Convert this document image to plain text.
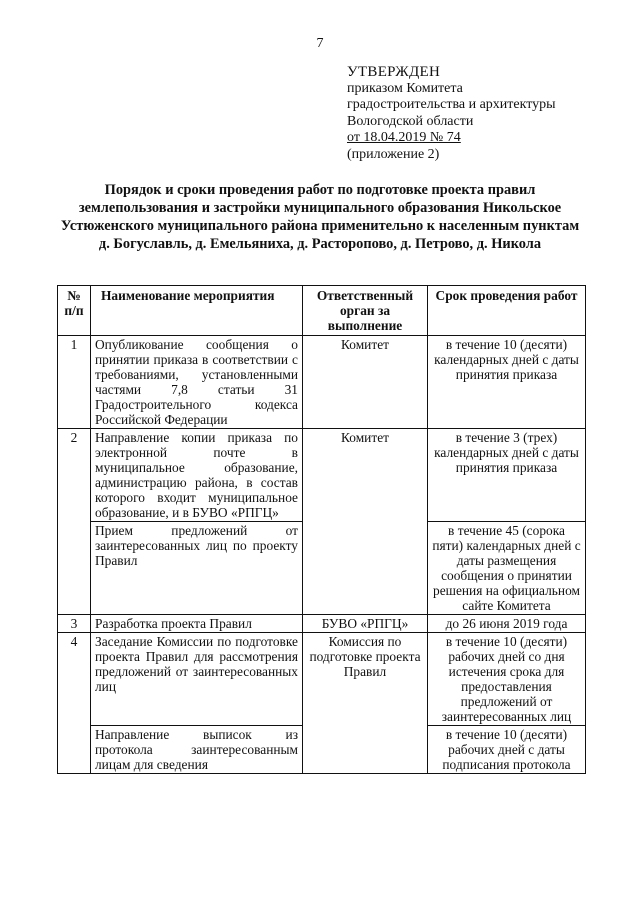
7
УТВЕРЖДЕН
приказом Комитета
градостроительства и архитектуры
Вологодской области
от 18.04.2019 № 74
(приложение 2)
Порядок и сроки проведения работ по подготовке проекта правил землепользования и застройки муниципального образования Никольское Устюженского муниципального района применительно к населенным пунктам д. Богуславль, д. Емельяниха, д. Расторопово, д. Петрово, д. Никола
№ п/п	Наименование мероприятия	Ответственный орган за выполнение	Срок проведения работ
1	Опубликование сообщения о принятии приказа в соответствии с требованиями, установленными частями 7,8 статьи 31 Градостроительного кодекса Российской Федерации	Комитет	в течение 10 (десяти) календарных дней с даты принятия приказа
2	Направление копии приказа по электронной почте в муниципальное образование, администрацию района, в состав которого входит муниципальное образование, и в БУВО «РПГЦ»	Комитет	в течение 3 (трех) календарных дней с даты принятия приказа
	Прием предложений от заинтересованных лиц по проекту Правил		в течение 45 (сорока пяти) календарных дней с даты размещения сообщения о принятии решения на официальном сайте Комитета
3	Разработка проекта Правил	БУВО «РПГЦ»	до 26 июня 2019 года
4	Заседание Комиссии по подготовке проекта Правил для рассмотрения предложений от заинтересованных лиц	Комиссия по подготовке проекта Правил	в течение 10 (десяти) рабочих дней со дня истечения срока для предоставления предложений от заинтересованных лиц
	Направление выписок из протокола заинтересованным лицам для сведения		в течение 10 (десяти) рабочих дней с даты подписания протокола
